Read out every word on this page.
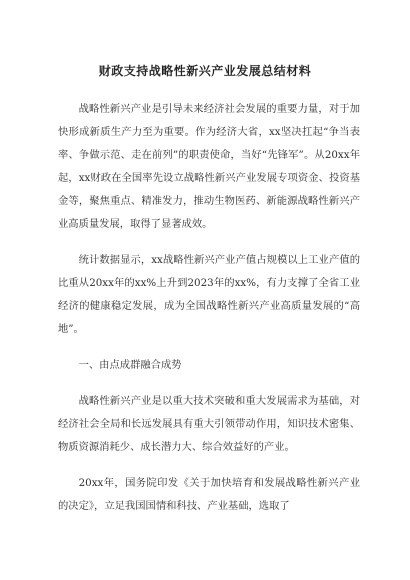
财政支持战略性新兴产业发展总结材料

战略性新兴产业是引导未来经济社会发展的重要力量，对于加快形成新质生产力至为重要。作为经济大省，xx坚决扛起“争当表率、争做示范、走在前列”的职责使命，当好“先锋军”。从20xx年起，xx财政在全国率先设立战略性新兴产业发展专项资金、投资基金等，聚焦重点、精准发力，推动生物医药、新能源战略性新兴产业高质量发展，取得了显著成效。

统计数据显示，xx战略性新兴产业产值占规模以上工业产值的比重从20xx年的xx%上升到2023年的xx%，有力支撑了全省工业经济的健康稳定发展，成为全国战略性新兴产业高质量发展的“高地”。

一、由点成群融合成势

战略性新兴产业是以重大技术突破和重大发展需求为基础，对经济社会全局和长远发展具有重大引领带动作用，知识技术密集、物质资源消耗少、成长潜力大、综合效益好的产业。

20xx年，国务院印发《关于加快培育和发展战略性新兴产业的决定》，立足我国国情和科技、产业基础，选取了
